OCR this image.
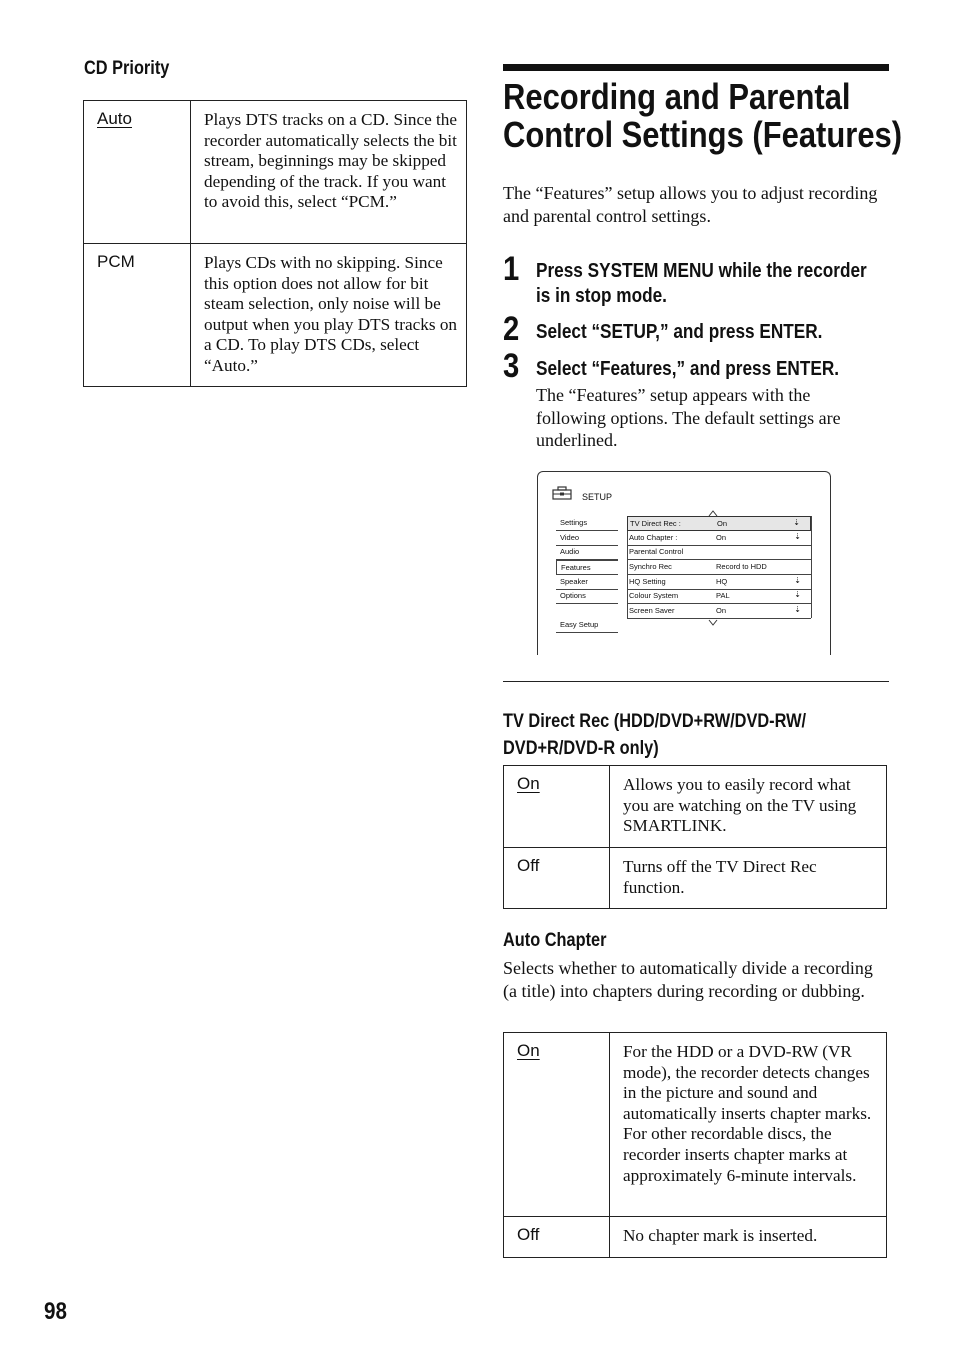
CD Priority
Auto	Plays DTS tracks on a CD. Since the recorder automatically selects the bit stream, beginnings may be skipped depending of the track. If you want to avoid this, select “PCM.”
PCM	Plays CDs with no skipping. Since this option does not allow for bit steam selection, only noise will be output when you play DTS tracks on a CD. To play DTS CDs, select “Auto.”
Recording and Parental
Control Settings (Features)
The “Features” setup allows you to adjust recording and parental control settings.
1 Press SYSTEM MENU while the recorder is in stop mode.
2 Select “SETUP,” and press ENTER.
3 Select “Features,” and press ENTER.
The “Features” setup appears with the following options. The default settings are underlined.
SETUP
Settings
Video
Audio
Features
Speaker
Options
Easy Setup
TV Direct Rec :	On	⇣
Auto Chapter :	On	⇣
Parental Control
Synchro Rec	Record to HDD
HQ Setting	HQ	⇣
Colour System	PAL	⇣
Screen Saver	On	⇣
TV Direct Rec (HDD/DVD+RW/DVD-RW/
DVD+R/DVD-R only)
On	Allows you to easily record what you are watching on the TV using SMARTLINK.
Off	Turns off the TV Direct Rec function.
Auto Chapter
Selects whether to automatically divide a recording (a title) into chapters during recording or dubbing.
On	For the HDD or a DVD-RW (VR mode), the recorder detects changes in the picture and sound and automatically inserts chapter marks.
For other recordable discs, the recorder inserts chapter marks at approximately 6-minute intervals.

Off	No chapter mark is inserted.
98
